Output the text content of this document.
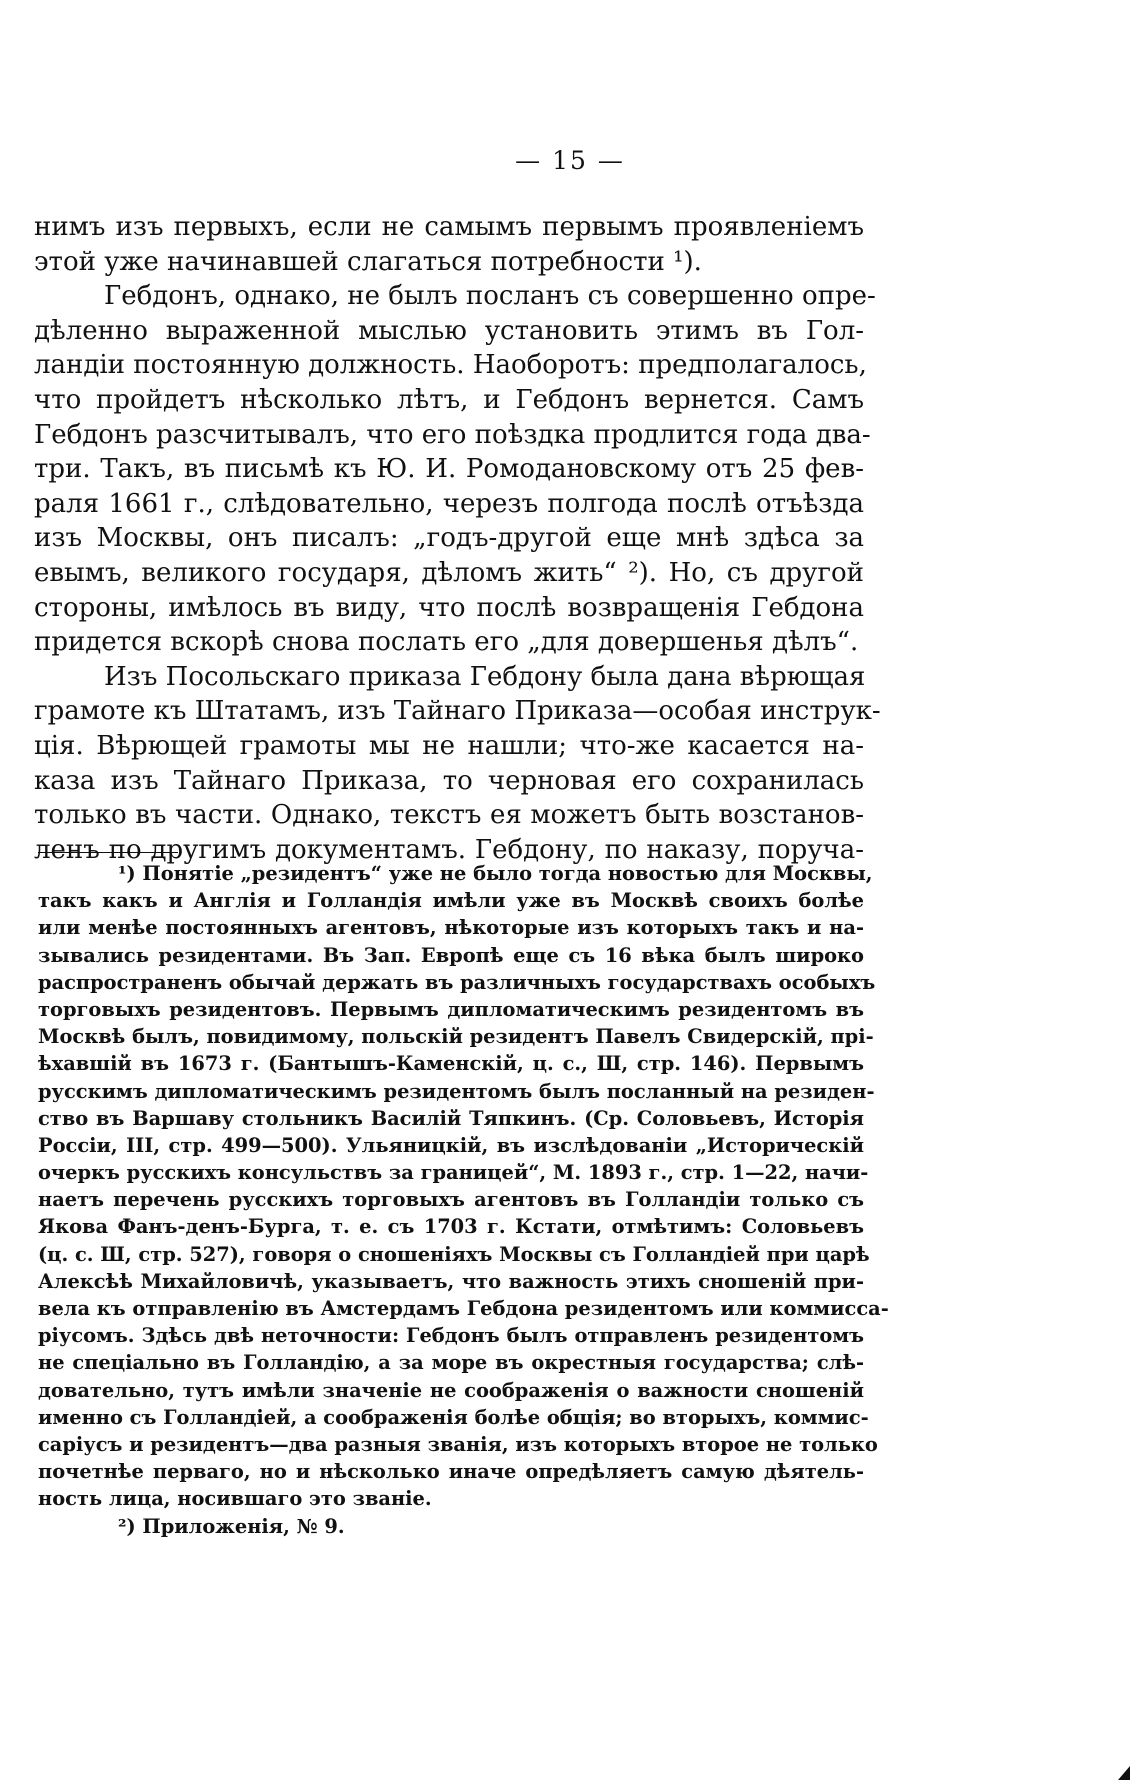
— 15 —
нимъ изъ первыхъ, если не самымъ первымъ проявленiемъ
этой уже начинавшей слагаться потребности ¹).
Гебдонъ, однако, не былъ посланъ съ совершенно опре-
дѣленно выраженной мыслью установить этимъ въ Гол-
ландiи постоянную должность. Наоборотъ: предполагалось,
что пройдетъ нѣсколько лѣтъ, и Гебдонъ вернется. Самъ
Гебдонъ разсчитывалъ, что его поѣздка продлится года два-
три. Такъ, въ письмѣ къ Ю. И. Ромодановскому отъ 25 фев-
раля 1661 г., слѣдовательно, черезъ полгода послѣ отъѣзда
изъ Москвы, онъ писалъ: „годъ-другой еще мнѣ здѣса за
евымъ, великого государя, дѣломъ жить“ ²). Но, съ другой
стороны, имѣлось въ виду, что послѣ возвращенiя Гебдона
придется вскорѣ снова послать его „для довершенья дѣлъ“.
Изъ Посольскаго приказа Гебдону была дана вѣрющая
грамоте къ Штатамъ, изъ Тайнаго Приказа—особая инструк-
цiя. Вѣрющей грамоты мы не нашли; что-же касается на-
каза изъ Тайнаго Приказа, то черновая его сохранилась
только въ части. Однако, текстъ ея можетъ быть возстанов-
ленъ по другимъ документамъ. Гебдону, по наказу, поруча-
¹) Понятiе „резидентъ“ уже не было тогда новостью для Москвы,
такъ какъ и Англiя и Голландiя имѣли уже въ Москвѣ своихъ болѣе
или менѣе постоянныхъ агентовъ, нѣкоторые изъ которыхъ такъ и на-
зывались резидентами. Въ Зап. Европѣ еще съ 16 вѣка былъ широко
распространенъ обычай держать въ различныхъ государствахъ особыхъ
торговыхъ резидентовъ. Первымъ дипломатическимъ резидентомъ въ
Москвѣ былъ, повидимому, польскiй резидентъ Павелъ Свидерскiй, прi-
ѣхавшiй въ 1673 г. (Бантышъ-Каменскiй, ц. с., Ш, стр. 146). Первымъ
русскимъ дипломатическимъ резидентомъ былъ посланный на резиден-
ство въ Варшаву стольникъ Василiй Тяпкинъ. (Ср. Соловьевъ, Исторiя
Россiи, III, стр. 499—500). Ульяницкiй, въ изслѣдованiи „Историческiй
очеркъ русскихъ консульствъ за границей“, М. 1893 г., стр. 1—22, начи-
наетъ перечень русскихъ торговыхъ агентовъ въ Голландiи только съ
Якова Фанъ-денъ-Бурга, т. е. съ 1703 г. Кстати, отмѣтимъ: Соловьевъ
(ц. с. Ш, стр. 527), говоря о сношенiяхъ Москвы съ Голландiей при царѣ
Алексѣѣ Михайловичѣ, указываетъ, что важность этихъ сношенiй при-
вела къ отправленiю въ Амстердамъ Гебдона резидентомъ или коммисса-
рiусомъ. Здѣсь двѣ неточности: Гебдонъ былъ отправленъ резидентомъ
не спецiально въ Голландiю, а за море въ окрестныя государства; слѣ-
довательно, тутъ имѣли значенiе не соображенiя о важности сношенiй
именно съ Голландiей, а соображенiя болѣе общiя; во вторыхъ, коммис-
сарiусъ и резидентъ—два разныя званiя, изъ которыхъ второе не только
почетнѣе перваго, но и нѣсколько иначе опредѣляетъ самую дѣятель-
ность лица, носившаго это званiе.
²) Приложенiя, № 9.
